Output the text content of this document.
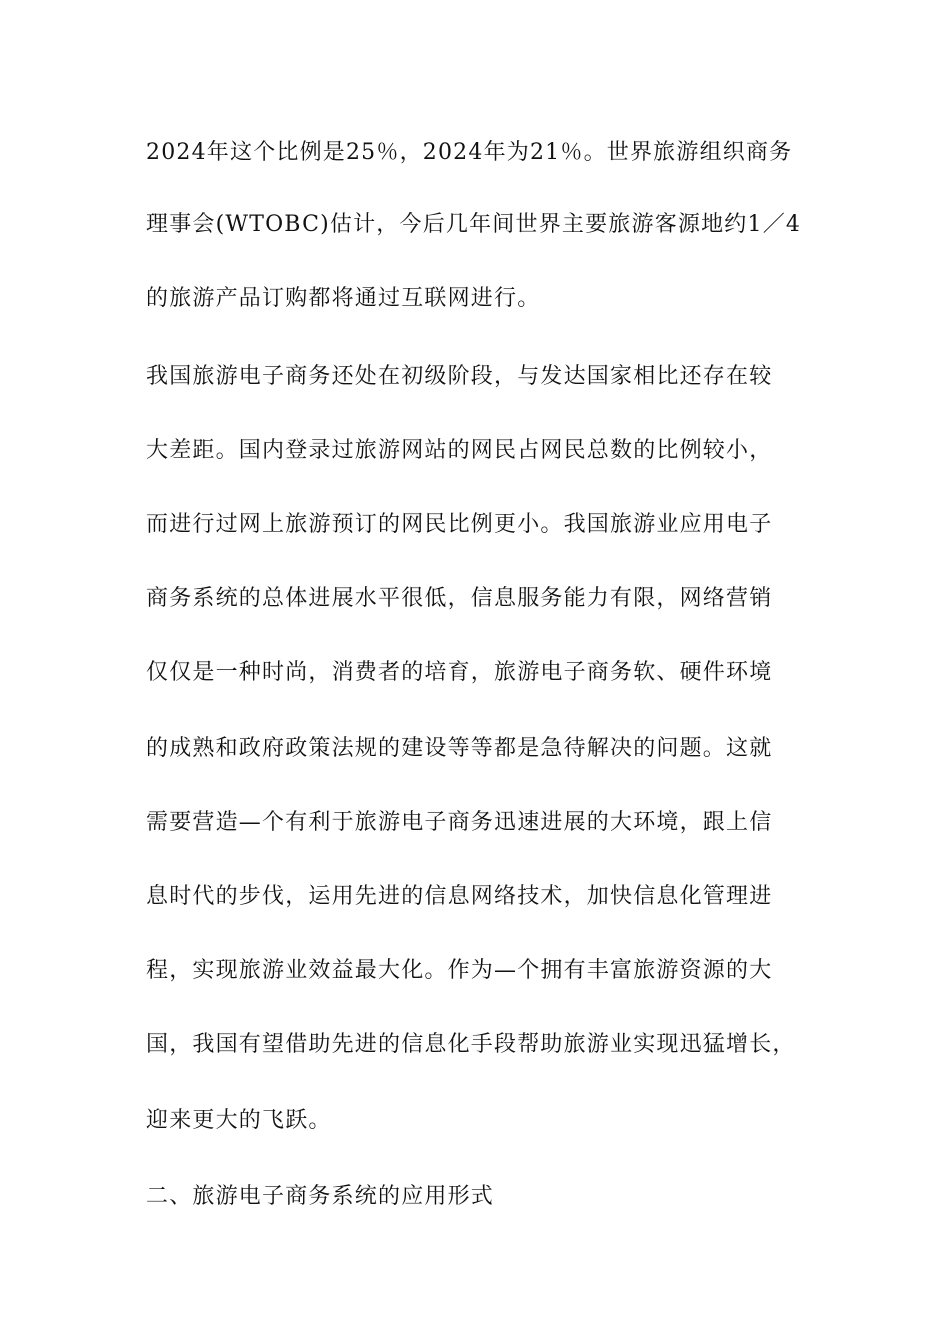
2024年这个比例是25％，2024年为21％。世界旅游组织商务
理事会(WTOBC)估计，今后几年间世界主要旅游客源地约1／4
的旅游产品订购都将通过互联网进行。
我国旅游电子商务还处在初级阶段，与发达国家相比还存在较
大差距。国内登录过旅游网站的网民占网民总数的比例较小，
而进行过网上旅游预订的网民比例更小。我国旅游业应用电子
商务系统的总体进展水平很低，信息服务能力有限，网络营销
仅仅是一种时尚，消费者的培育，旅游电子商务软、硬件环境
的成熟和政府政策法规的建设等等都是急待解决的问题。这就
需要营造—个有利于旅游电子商务迅速进展的大环境，跟上信
息时代的步伐，运用先进的信息网络技术，加快信息化管理进
程，实现旅游业效益最大化。作为—个拥有丰富旅游资源的大
国，我国有望借助先进的信息化手段帮助旅游业实现迅猛增长，
迎来更大的飞跃。
二、旅游电子商务系统的应用形式
